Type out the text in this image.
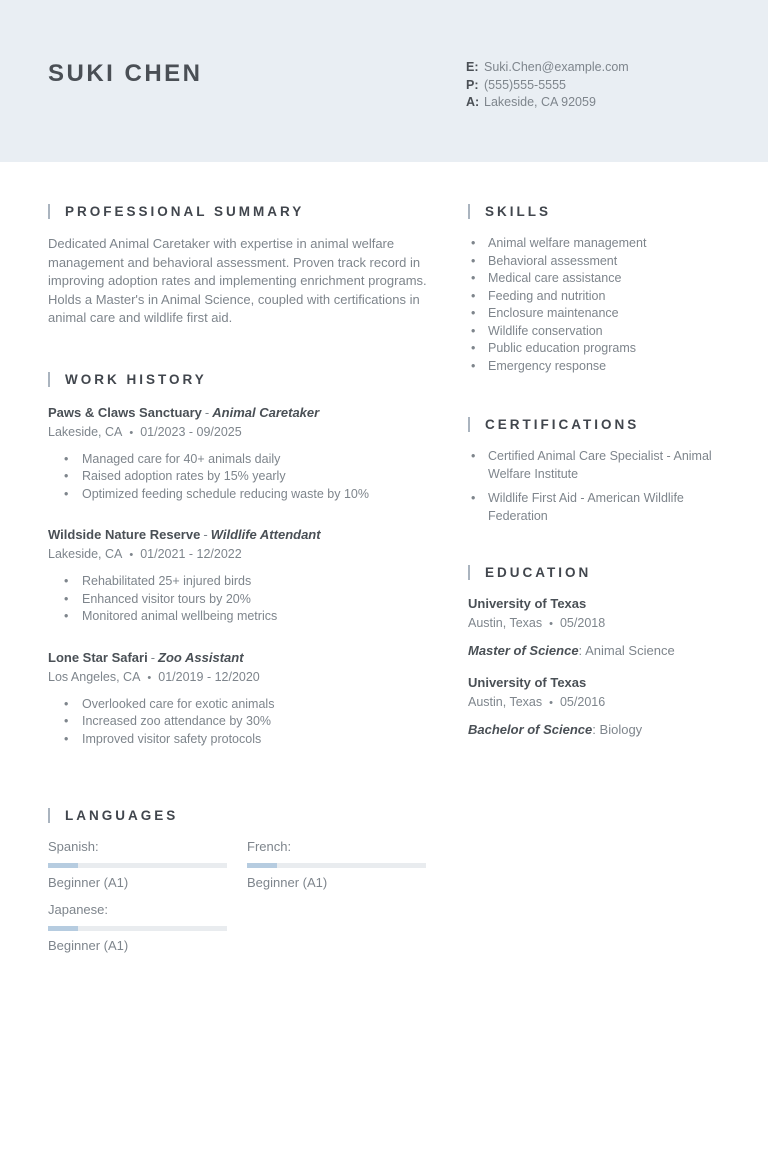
SUKI CHEN	E: Suki.Chen@example.com
P: (555)555-5555
A: Lakeside, CA 92059
PROFESSIONAL SUMMARY

Dedicated Animal Caretaker with expertise in animal welfare management and behavioral assessment. Proven track record in improving adoption rates and implementing enrichment programs. Holds a Master's in Animal Science, coupled with certifications in animal care and wildlife first aid.

WORK HISTORY
Paws & Claws Sanctuary - Animal Caretaker
Lakeside, CA • 01/2023 - 09/2025
• Managed care for 40+ animals daily
• Raised adoption rates by 15% yearly
• Optimized feeding schedule reducing waste by 10%
Wildside Nature Reserve - Wildlife Attendant
Lakeside, CA • 01/2021 - 12/2022
• Rehabilitated 25+ injured birds
• Enhanced visitor tours by 20%
• Monitored animal wellbeing metrics
Lone Star Safari - Zoo Assistant
Los Angeles, CA • 01/2019 - 12/2020
• Overlooked care for exotic animals
• Increased zoo attendance by 30%
• Improved visitor safety protocols
LANGUAGES
Spanish:
Beginner (A1)
French:
Beginner (A1)
Japanese:
Beginner (A1)
SKILLS
• Animal welfare management
• Behavioral assessment
• Medical care assistance
• Feeding and nutrition
• Enclosure maintenance
• Wildlife conservation
• Public education programs
• Emergency response
CERTIFICATIONS
• Certified Animal Care Specialist - Animal Welfare Institute
• Wildlife First Aid - American Wildlife Federation
EDUCATION
University of Texas
Austin, Texas • 05/2018
Master of Science: Animal Science
University of Texas
Austin, Texas • 05/2016
Bachelor of Science: Biology
